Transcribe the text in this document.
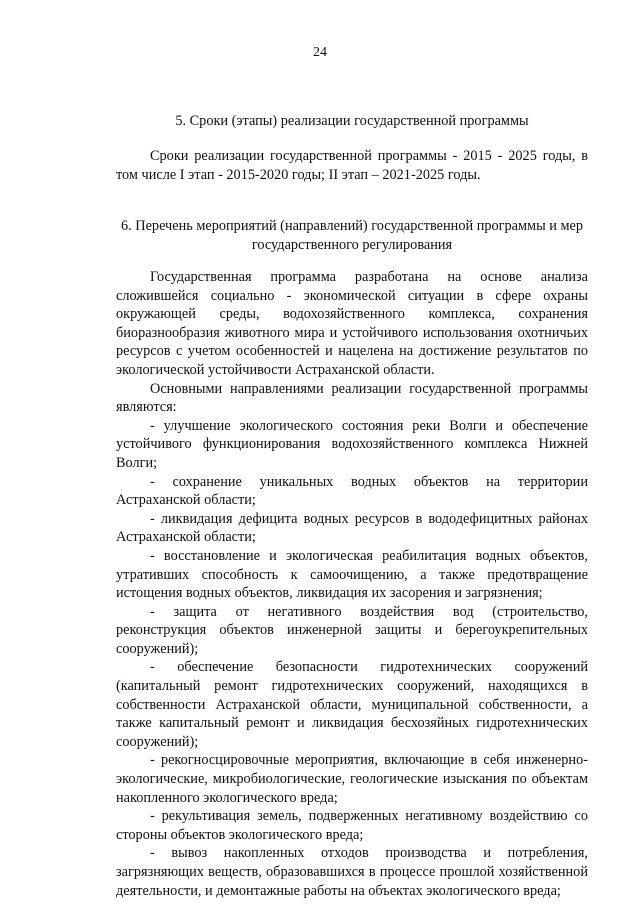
24

5. Сроки (этапы) реализации государственной программы

Сроки реализации государственной программы - 2015 - 2025 годы, в том числе I этап - 2015-2020 годы; II этап – 2021-2025 годы.

6. Перечень мероприятий (направлений) государственной программы и мер государственного регулирования

Государственная программа разработана на основе анализа сложившейся социально - экономической ситуации в сфере охраны окружающей среды, водохозяйственного комплекса, сохранения биоразнообразия животного мира и устойчивого использования охотничьих ресурсов с учетом особенностей и нацелена на достижение результатов по экологической устойчивости Астраханской области.

Основными направлениями реализации государственной программы являются:

- улучшение экологического состояния реки Волги и обеспечение устойчивого функционирования водохозяйственного комплекса Нижней Волги;

- сохранение уникальных водных объектов на территории Астраханской области;

- ликвидация дефицита водных ресурсов в вододефицитных районах Астраханской области;

- восстановление и экологическая реабилитация водных объектов, утративших способность к самоочищению, а также предотвращение истощения водных объектов, ликвидация их засорения и загрязнения;

- защита от негативного воздействия вод (строительство, реконструкция объектов инженерной защиты и берегоукрепительных сооружений);

- обеспечение безопасности гидротехнических сооружений (капитальный ремонт гидротехнических сооружений, находящихся в собственности Астраханской области, муниципальной собственности, а также капитальный ремонт и ликвидация бесхозяйных гидротехнических сооружений);

- рекогносцировочные мероприятия, включающие в себя инженерно-экологические, микробиологические, геологические изыскания по объектам накопленного экологического вреда;

- рекультивация земель, подверженных негативному воздействию со стороны объектов экологического вреда;

- вывоз накопленных отходов производства и потребления, загрязняющих веществ, образовавшихся в процессе прошлой хозяйственной деятельности, и демонтажные работы на объектах экологического вреда;
